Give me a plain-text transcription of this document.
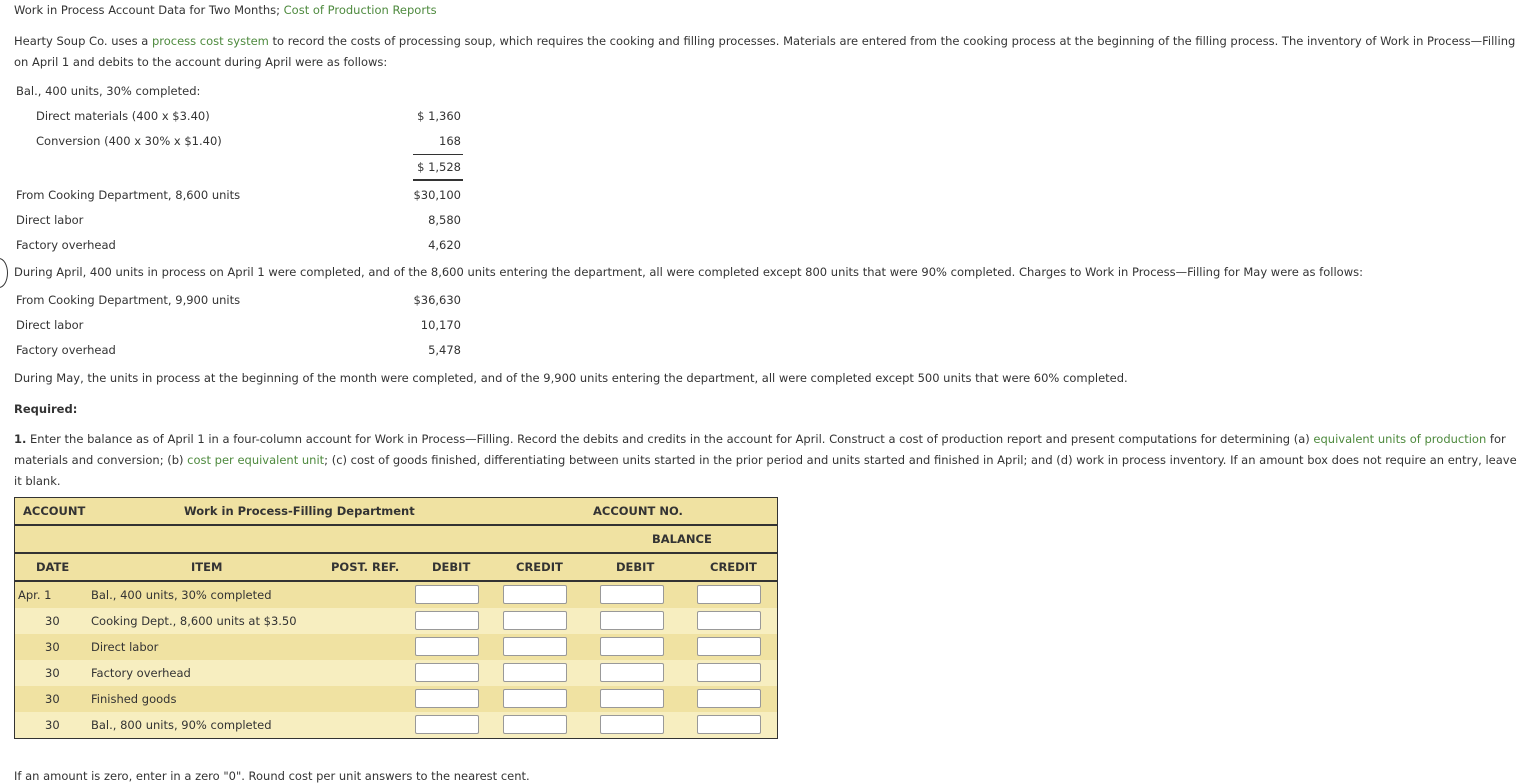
Work in Process Account Data for Two Months; Cost of Production Reports
Hearty Soup Co. uses a process cost system to record the costs of processing soup, which requires the cooking and filling processes. Materials are entered from the cooking process at the beginning of the filling process. The inventory of Work in Process—Filling on April 1 and debits to the account during April were as follows:
Bal., 400 units, 30% completed:
Direct materials (400 x $3.40)	$ 1,360
Conversion (400 x 30% x $1.40)	168
$ 1,528
From Cooking Department, 8,600 units	$30,100
Direct labor	8,580
Factory overhead	4,620
During April, 400 units in process on April 1 were completed, and of the 8,600 units entering the department, all were completed except 800 units that were 90% completed. Charges to Work in Process—Filling for May were as follows:
From Cooking Department, 9,900 units	$36,630
Direct labor	10,170
Factory overhead	5,478
During May, the units in process at the beginning of the month were completed, and of the 9,900 units entering the department, all were completed except 500 units that were 60% completed.
Required:
1. Enter the balance as of April 1 in a four-column account for Work in Process—Filling. Record the debits and credits in the account for April. Construct a cost of production report and present computations for determining (a) equivalent units of production for materials and conversion; (b) cost per equivalent unit; (c) cost of goods finished, differentiating between units started in the prior period and units started and finished in April; and (d) work in process inventory. If an amount box does not require an entry, leave it blank.
ACCOUNT	Work in Process-Filling Department	ACCOUNT NO.
BALANCE
DATE	ITEM	POST. REF.	DEBIT	CREDIT	DEBIT	CREDIT
Apr. 1	Bal., 400 units, 30% completed
30	Cooking Dept., 8,600 units at $3.50
30	Direct labor
30	Factory overhead
30	Finished goods
30	Bal., 800 units, 90% completed
If an amount is zero, enter in a zero "0". Round cost per unit answers to the nearest cent.
